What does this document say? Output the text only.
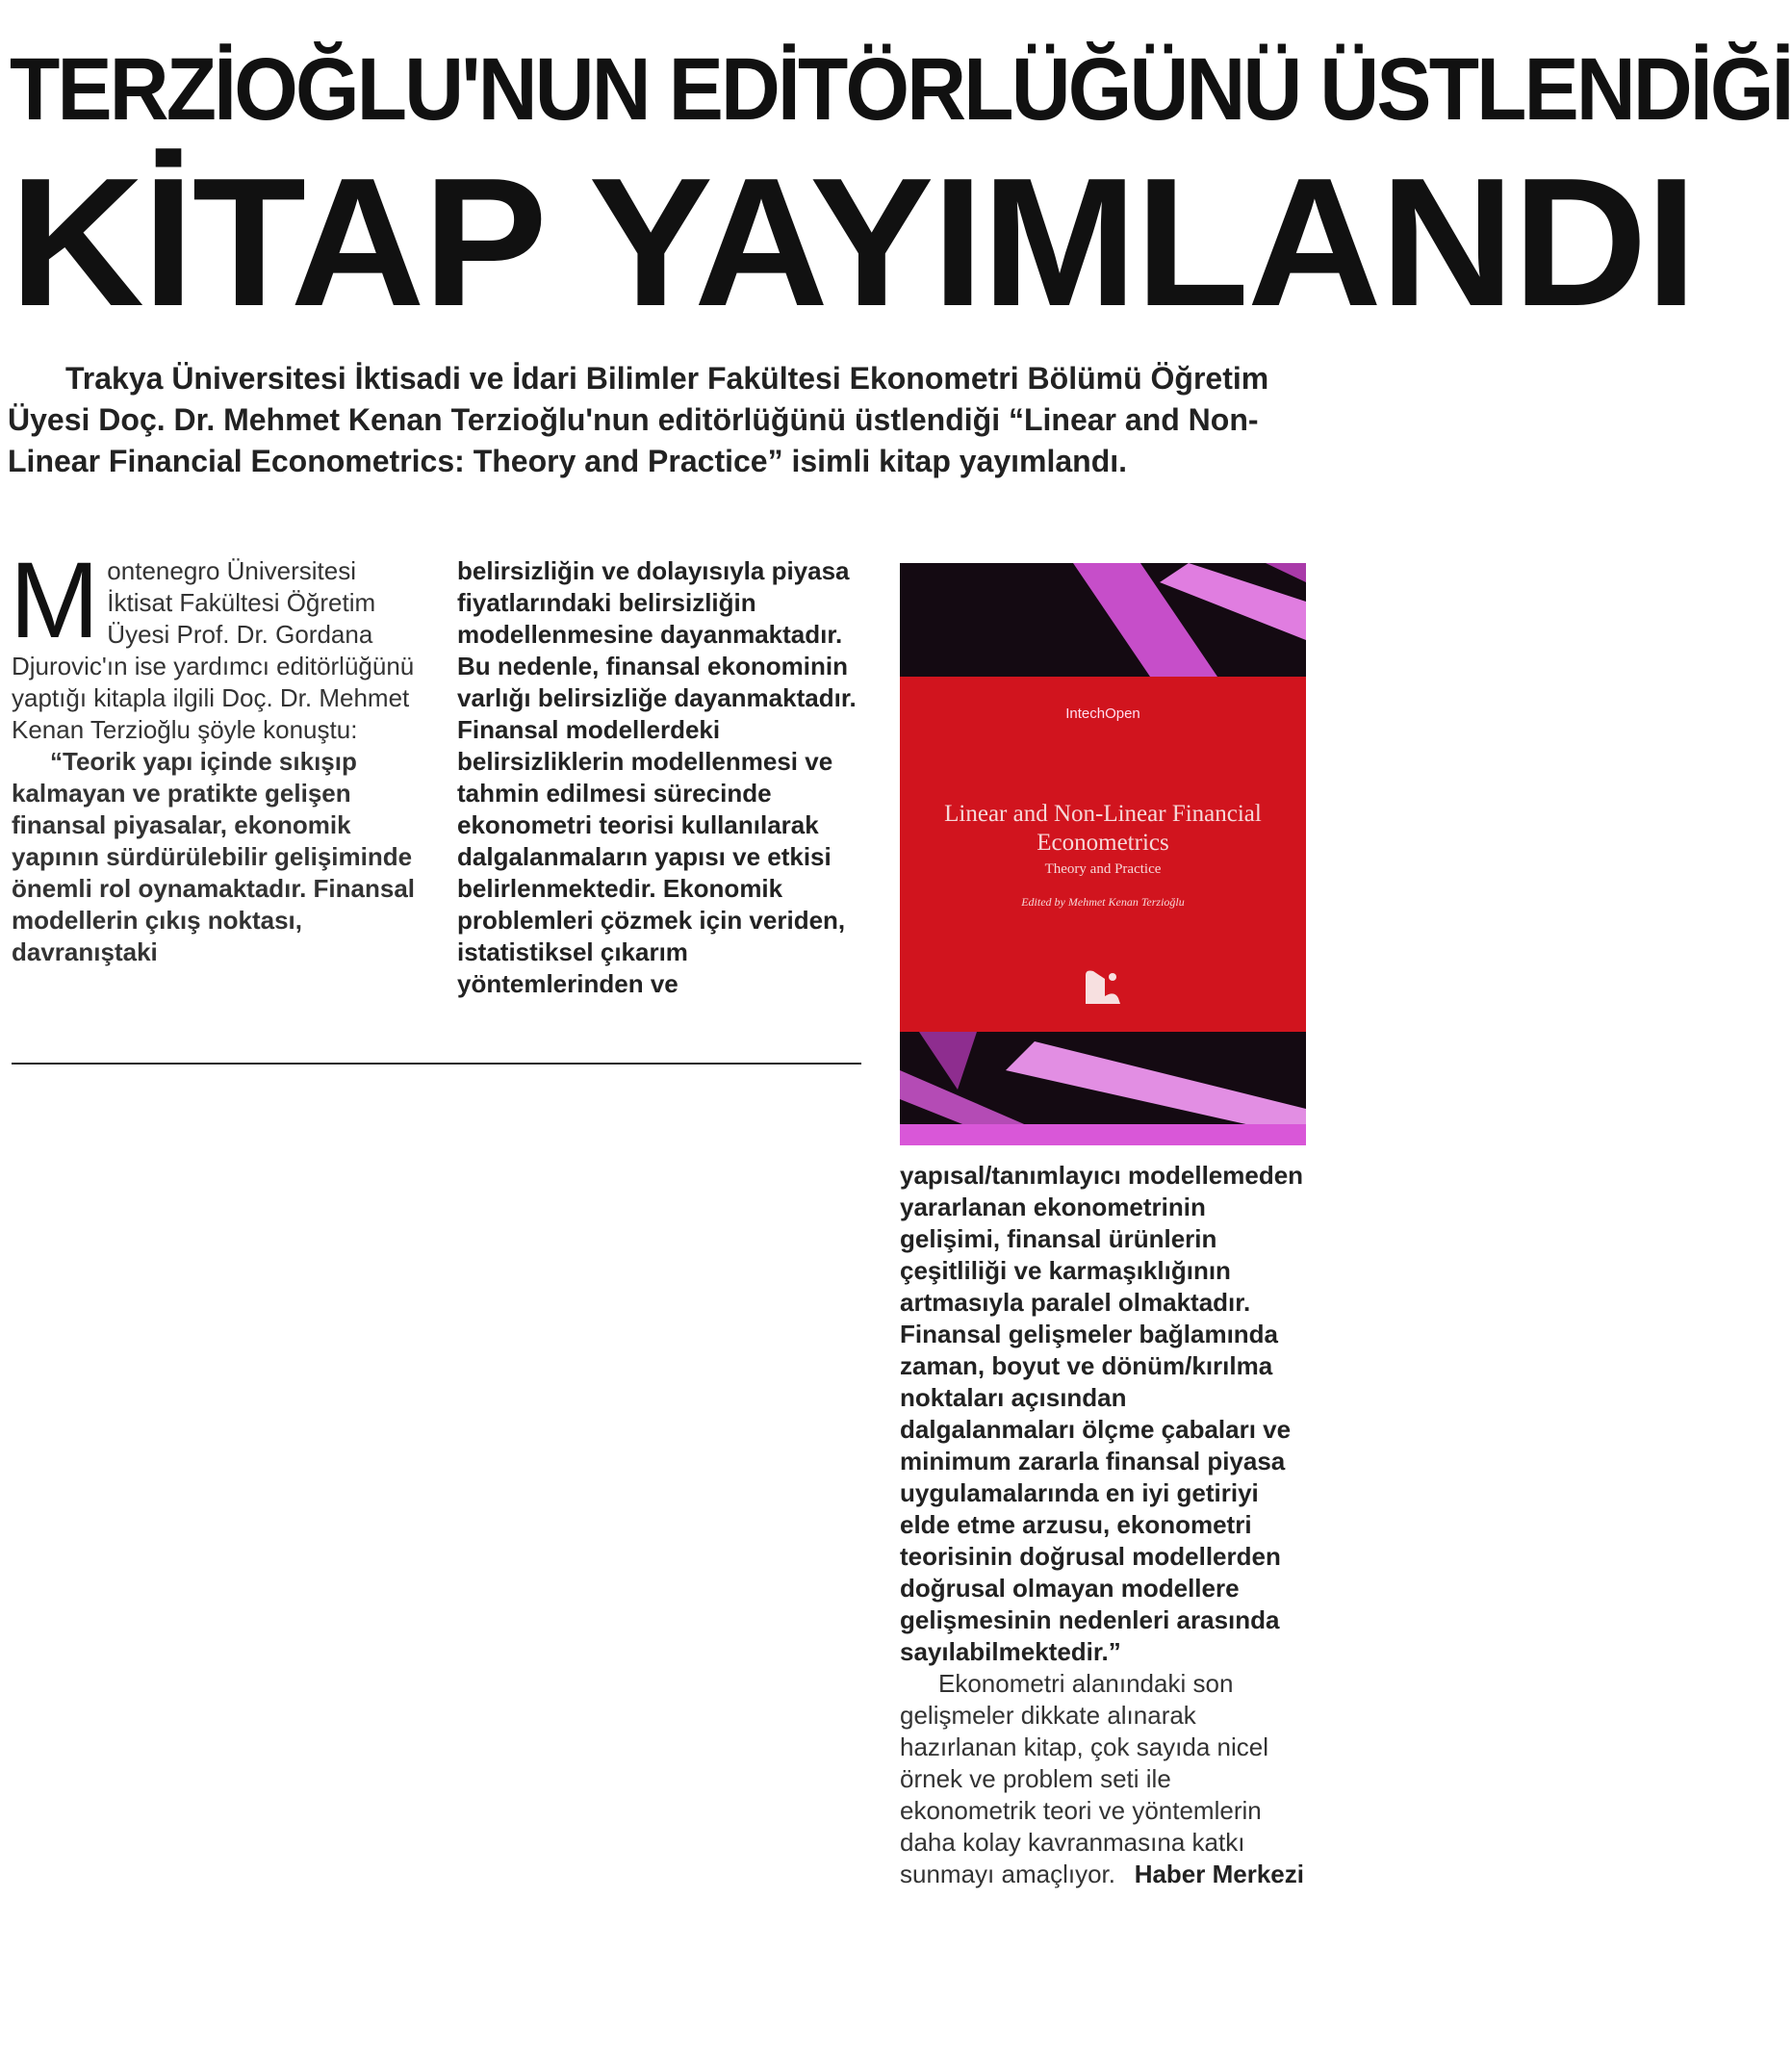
TERZİOĞLU'NUN EDİTÖRLÜĞÜNÜ ÜSTLENDİĞİ
KİTAP YAYIMLANDI
Trakya Üniversitesi İktisadi ve İdari Bilimler Fakültesi Ekonometri Bölümü Öğretim Üyesi Doç. Dr. Mehmet Kenan Terzioğlu'nun editörlüğünü üstlendiği “Linear and Non-Linear Financial Econometrics: Theory and Practice” isimli kitap yayımlandı.
Montenegro Üniversitesi İktisat Fakültesi Öğretim Üyesi Prof. Dr. Gordana Djurovic'ın ise yardımcı editörlüğünü yaptığı kitapla ilgili Doç. Dr. Mehmet Kenan Terzioğlu şöyle konuştu:
“Teorik yapı içinde sıkışıp kalmayan ve pratikte gelişen finansal piyasalar, ekonomik yapının sürdürülebilir gelişiminde önemli rol oynamaktadır. Finansal modellerin çıkış noktası, davranıştaki
belirsizliğin ve dolayısıyla piyasa fiyatlarındaki belirsizliğin modellenmesine dayanmaktadır. Bu nedenle, finansal ekonominin varlığı belirsizliğe dayanmaktadır. Finansal modellerdeki belirsizliklerin modellenmesi ve tahmin edilmesi sürecinde ekonometri teorisi kullanılarak dalgalanmaların yapısı ve etkisi belirlenmektedir. Ekonomik problemleri çözmek için veriden, istatistiksel çıkarım yöntemlerinden ve
IntechOpen
Linear and Non-Linear Financial Econometrics
Theory and Practice
Edited by Mehmet Kenan Terzioğlu
yapısal/tanımlayıcı modellemeden yararlanan ekonometrinin gelişimi, finansal ürünlerin çeşitliliği ve karmaşıklığının artmasıyla paralel olmaktadır. Finansal gelişmeler bağlamında zaman, boyut ve dönüm/kırılma noktaları açısından dalgalanmaları ölçme çabaları ve minimum zararla finansal piyasa uygulamalarında en iyi getiriyi elde etme arzusu, ekonometri teorisinin doğrusal modellerden doğrusal olmayan modellere gelişmesinin nedenleri arasında sayılabilmektedir.”
Ekonometri alanındaki son gelişmeler dikkate alınarak hazırlanan kitap, çok sayıda nicel örnek ve problem seti ile ekonometrik teori ve yöntemlerin daha kolay kavranmasına katkı sunmayı amaçlıyor. Haber Merkezi
